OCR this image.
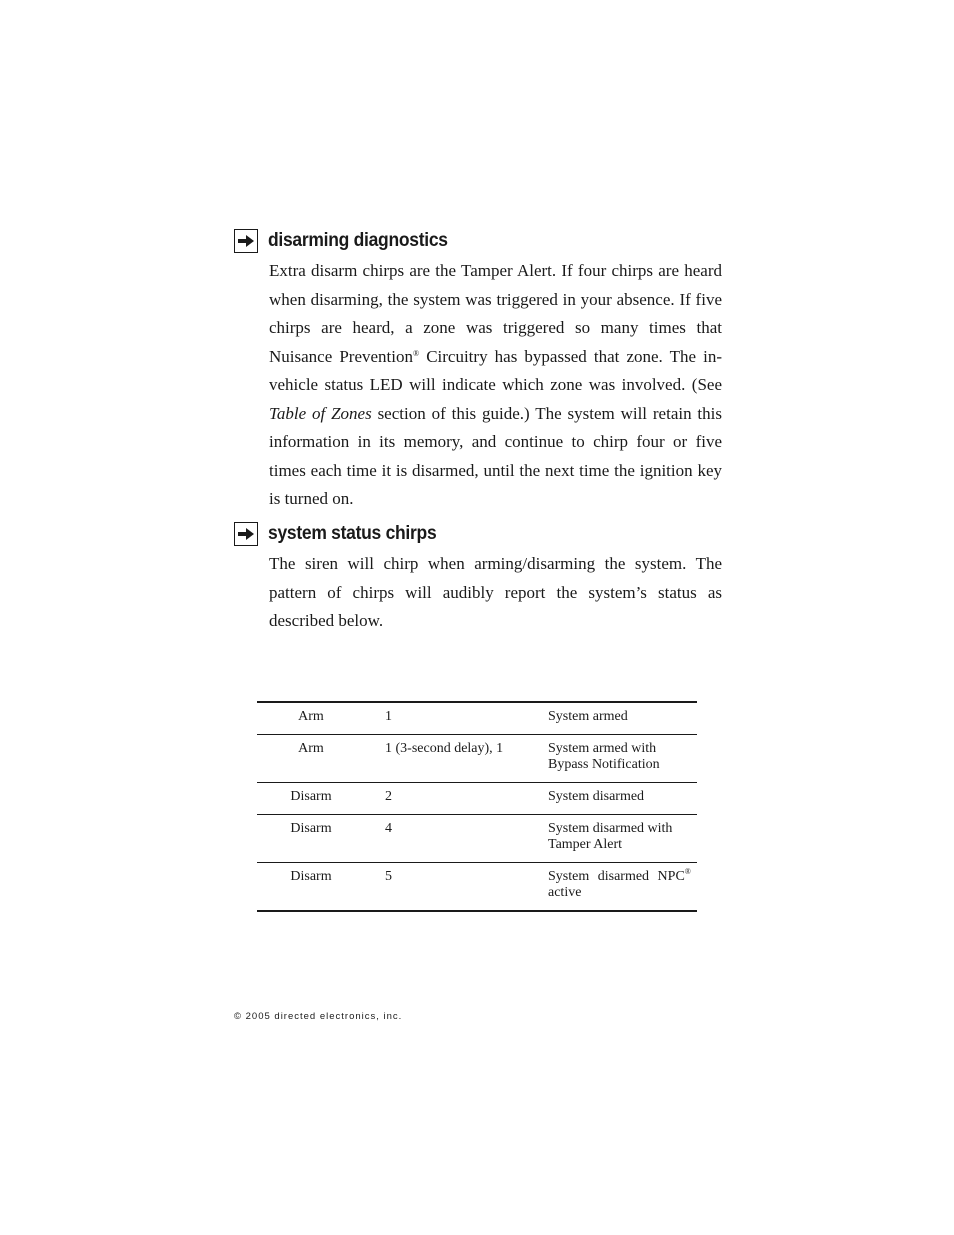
disarming diagnostics
Extra disarm chirps are the Tamper Alert. If four chirps are heard when disarming, the system was triggered in your absence. If five chirps are heard, a zone was triggered so many times that Nuisance Prevention® Circuitry has bypassed that zone. The in-vehicle status LED will indicate which zone was involved. (See Table of Zones section of this guide.) The system will retain this information in its memory, and continue to chirp four or five times each time it is disarmed, until the next time the ignition key is turned on.
system status chirps
The siren will chirp when arming/disarming the system. The pattern of chirps will audibly report the system’s status as described below.
Arm	1	System armed

Arm	1 (3-second delay), 1	System armed with Bypass Notification

Disarm	2	System disarmed

Disarm	4	System disarmed with Tamper Alert

Disarm	5	System disarmed NPC®
active
© 2005 directed electronics, inc.
